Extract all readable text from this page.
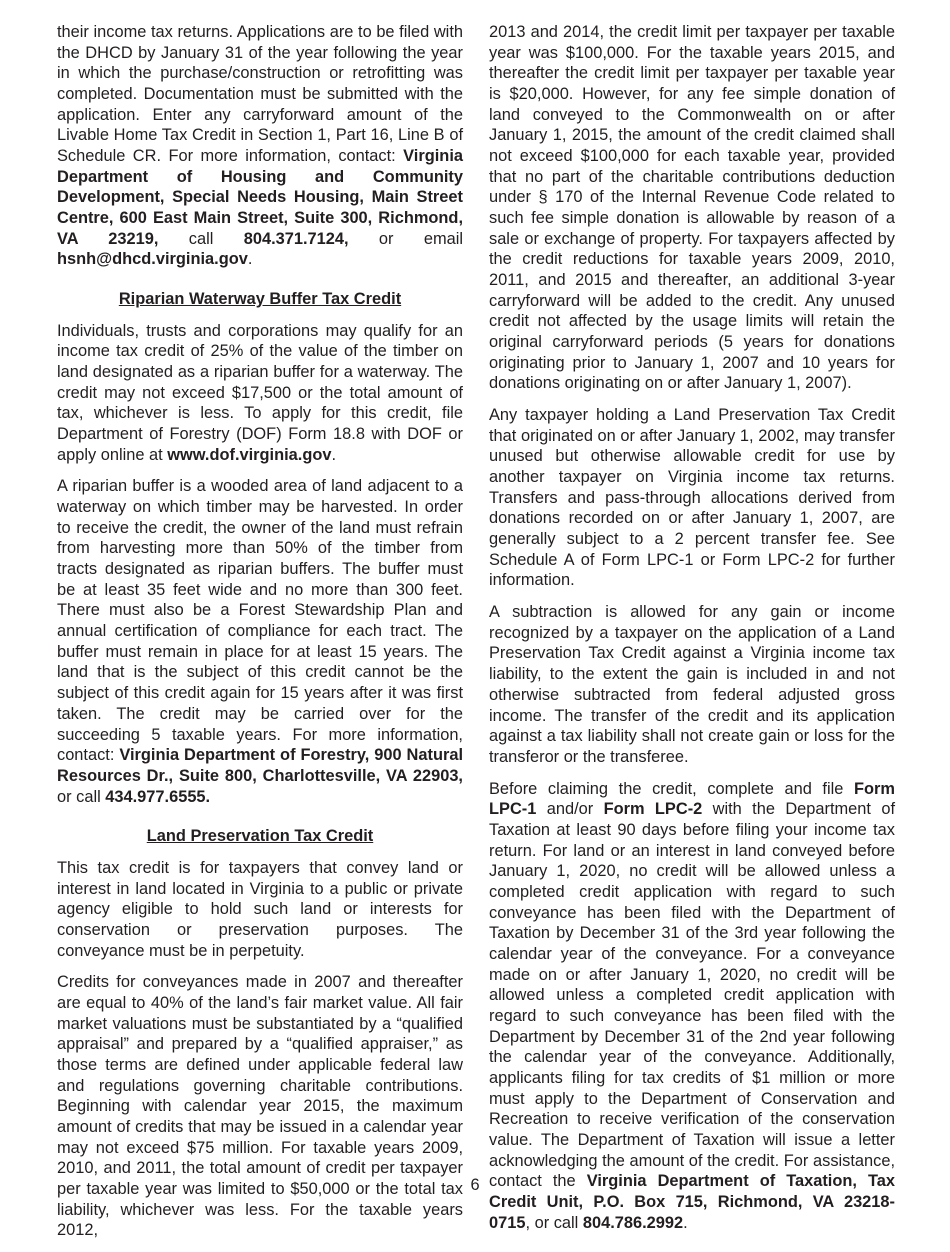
their income tax returns. Applications are to be filed with the DHCD by January 31 of the year following the year in which the purchase/construction or retrofitting was completed. Documentation must be submitted with the application. Enter any carryforward amount of the Livable Home Tax Credit in Section 1, Part 16, Line B of Schedule CR. For more information, contact: Virginia Department of Housing and Community Development, Special Needs Housing, Main Street Centre, 600 East Main Street, Suite 300, Richmond, VA 23219, call 804.371.7124, or email hsnh@dhcd.virginia.gov.

Riparian Waterway Buffer Tax Credit

Individuals, trusts and corporations may qualify for an income tax credit of 25% of the value of the timber on land designated as a riparian buffer for a waterway. The credit may not exceed $17,500 or the total amount of tax, whichever is less. To apply for this credit, file Department of Forestry (DOF) Form 18.8 with DOF or apply online at www.dof.virginia.gov.

A riparian buffer is a wooded area of land adjacent to a waterway on which timber may be harvested. In order to receive the credit, the owner of the land must refrain from harvesting more than 50% of the timber from tracts designated as riparian buffers. The buffer must be at least 35 feet wide and no more than 300 feet. There must also be a Forest Stewardship Plan and annual certification of compliance for each tract. The buffer must remain in place for at least 15 years. The land that is the subject of this credit cannot be the subject of this credit again for 15 years after it was first taken. The credit may be carried over for the succeeding 5 taxable years. For more information, contact: Virginia Department of Forestry, 900 Natural Resources Dr., Suite 800, Charlottesville, VA 22903, or call 434.977.6555.

Land Preservation Tax Credit

This tax credit is for taxpayers that convey land or interest in land located in Virginia to a public or private agency eligible to hold such land or interests for conservation or preservation purposes. The conveyance must be in perpetuity.

Credits for conveyances made in 2007 and thereafter are equal to 40% of the land’s fair market value. All fair market valuations must be substantiated by a “qualified appraisal” and prepared by a “qualified appraiser,” as those terms are defined under applicable federal law and regulations governing charitable contributions. Beginning with calendar year 2015, the maximum amount of credits that may be issued in a calendar year may not exceed $75 million. For taxable years 2009, 2010, and 2011, the total amount of credit per taxpayer per taxable year was limited to $50,000 or the total tax liability, whichever was less. For the taxable years 2012,

2013 and 2014, the credit limit per taxpayer per taxable year was $100,000. For the taxable years 2015, and thereafter the credit limit per taxpayer per taxable year is $20,000. However, for any fee simple donation of land conveyed to the Commonwealth on or after January 1, 2015, the amount of the credit claimed shall not exceed $100,000 for each taxable year, provided that no part of the charitable contributions deduction under § 170 of the Internal Revenue Code related to such fee simple donation is allowable by reason of a sale or exchange of property. For taxpayers affected by the credit reductions for taxable years 2009, 2010, 2011, and 2015 and thereafter, an additional 3-year carryforward will be added to the credit. Any unused credit not affected by the usage limits will retain the original carryforward periods (5 years for donations originating prior to January 1, 2007 and 10 years for donations originating on or after January 1, 2007).

Any taxpayer holding a Land Preservation Tax Credit that originated on or after January 1, 2002, may transfer unused but otherwise allowable credit for use by another taxpayer on Virginia income tax returns. Transfers and pass-through allocations derived from donations recorded on or after January 1, 2007, are generally subject to a 2 percent transfer fee. See Schedule A of Form LPC-1 or Form LPC-2 for further information.

A subtraction is allowed for any gain or income recognized by a taxpayer on the application of a Land Preservation Tax Credit against a Virginia income tax liability, to the extent the gain is included in and not otherwise subtracted from federal adjusted gross income. The transfer of the credit and its application against a tax liability shall not create gain or loss for the transferor or the transferee.

Before claiming the credit, complete and file Form LPC-1 and/or Form LPC-2 with the Department of Taxation at least 90 days before filing your income tax return. For land or an interest in land conveyed before January 1, 2020, no credit will be allowed unless a completed credit application with regard to such conveyance has been filed with the Department of Taxation by December 31 of the 3rd year following the calendar year of the conveyance. For a conveyance made on or after January 1, 2020, no credit will be allowed unless a completed credit application with regard to such conveyance has been filed with the Department by December 31 of the 2nd year following the calendar year of the conveyance. Additionally, applicants filing for tax credits of $1 million or more must apply to the Department of Conservation and Recreation to receive verification of the conservation value. The Department of Taxation will issue a letter acknowledging the amount of the credit. For assistance, contact the Virginia Department of Taxation, Tax Credit Unit, P.O. Box 715, Richmond, VA 23218-0715, or call 804.786.2992.

6
